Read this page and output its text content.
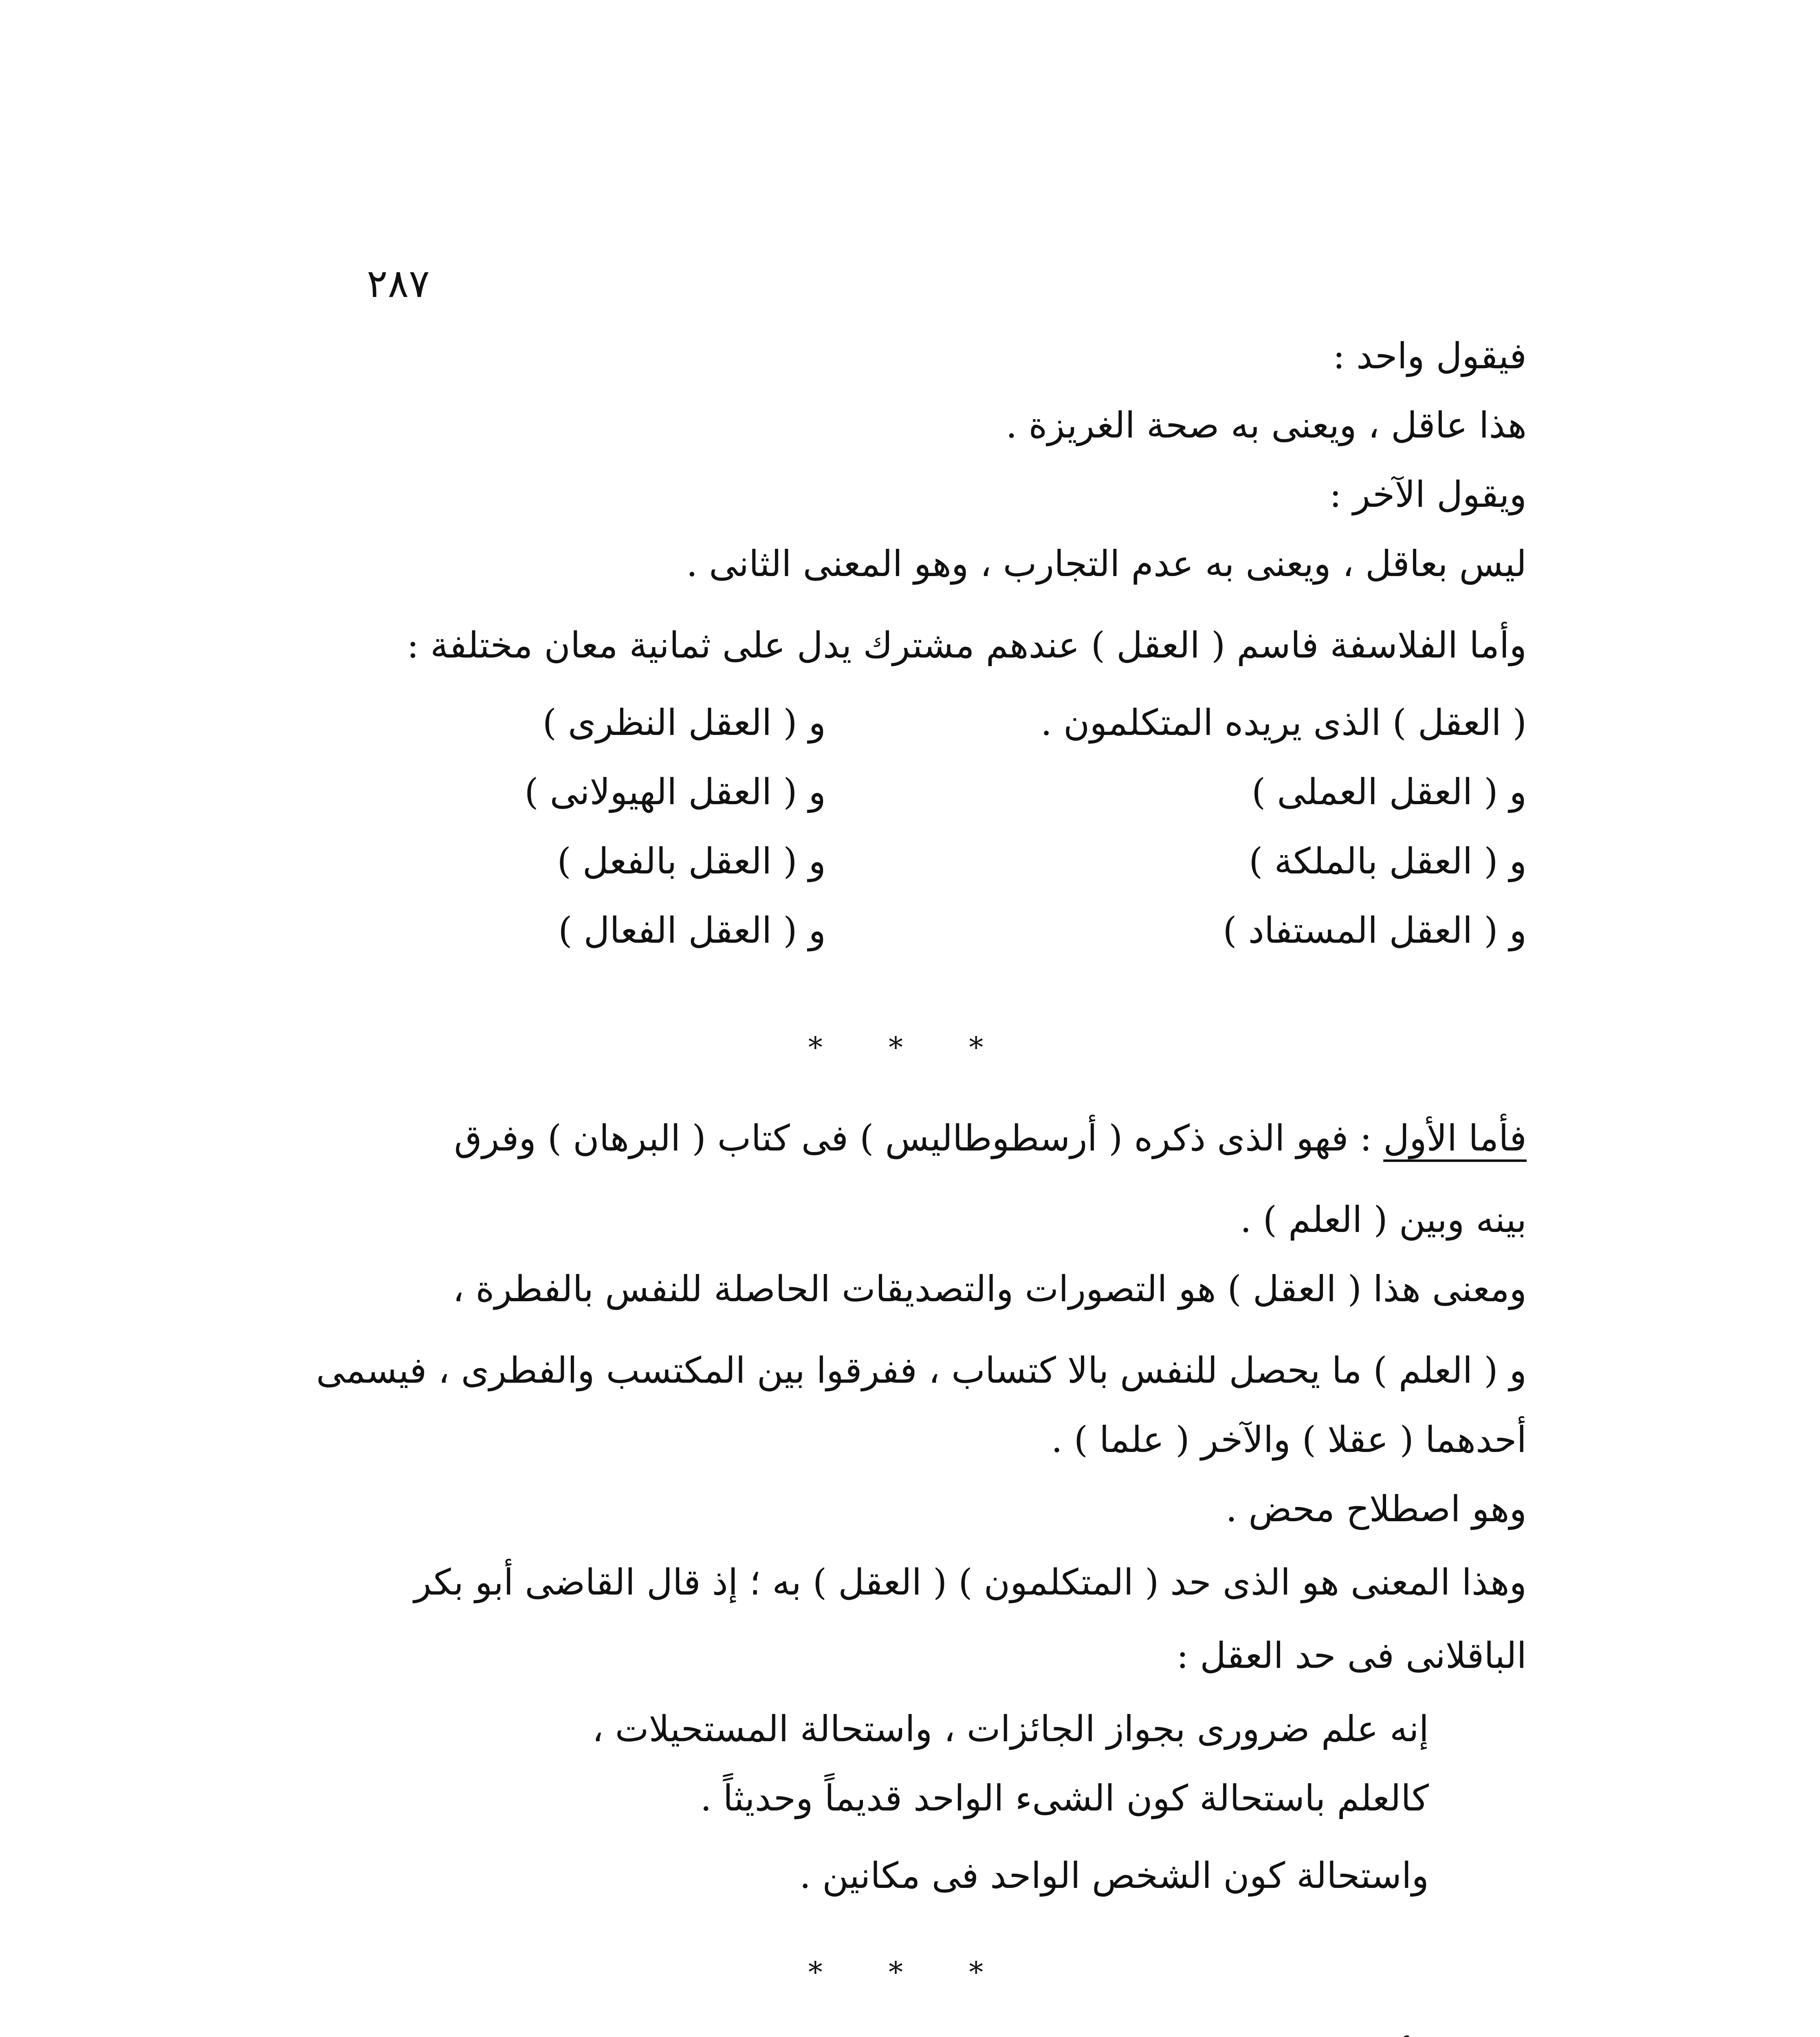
٢٨٧
فيقول واحد :
هذا عاقل ، ويعنى به صحة الغريزة .
ويقول الآخر :
ليس بعاقل ، ويعنى به عدم التجارب ، وهو المعنى الثانى .
وأما الفلاسفة فاسم ( العقل ) عندهم مشترك يدل على ثمانية معان مختلفة :
( العقل ) الذى يريده المتكلمون .
و ( العقل النظرى )
و ( العقل العملى )
و ( العقل الهيولانى )
و ( العقل بالملكة )
و ( العقل بالفعل )
و ( العقل المستفاد )
و ( العقل الفعال )
* * *
فأما الأول : فهو الذى ذكره ( أرسطوطاليس ) فى كتاب ( البرهان ) وفرق
بينه وبين ( العلم ) .
ومعنى هذا ( العقل ) هو التصورات والتصديقات الحاصلة للنفس بالفطرة ،
و ( العلم ) ما يحصل للنفس بالا كتساب ، ففرقوا بين المكتسب والفطرى ، فيسمى
أحدهما ( عقلا ) والآخر ( علما ) .
وهو اصطلاح محض .
وهذا المعنى هو الذى حد ( المتكلمون ) ( العقل ) به ؛ إذ قال القاضى أبو بكر
الباقلانى فى حد العقل :
إنه علم ضرورى بجواز الجائزات ، واستحالة المستحيلات ،
كالعلم باستحالة كون الشىء الواحد قديماً وحديثاً .
واستحالة كون الشخص الواحد فى مكانين .
* * *
